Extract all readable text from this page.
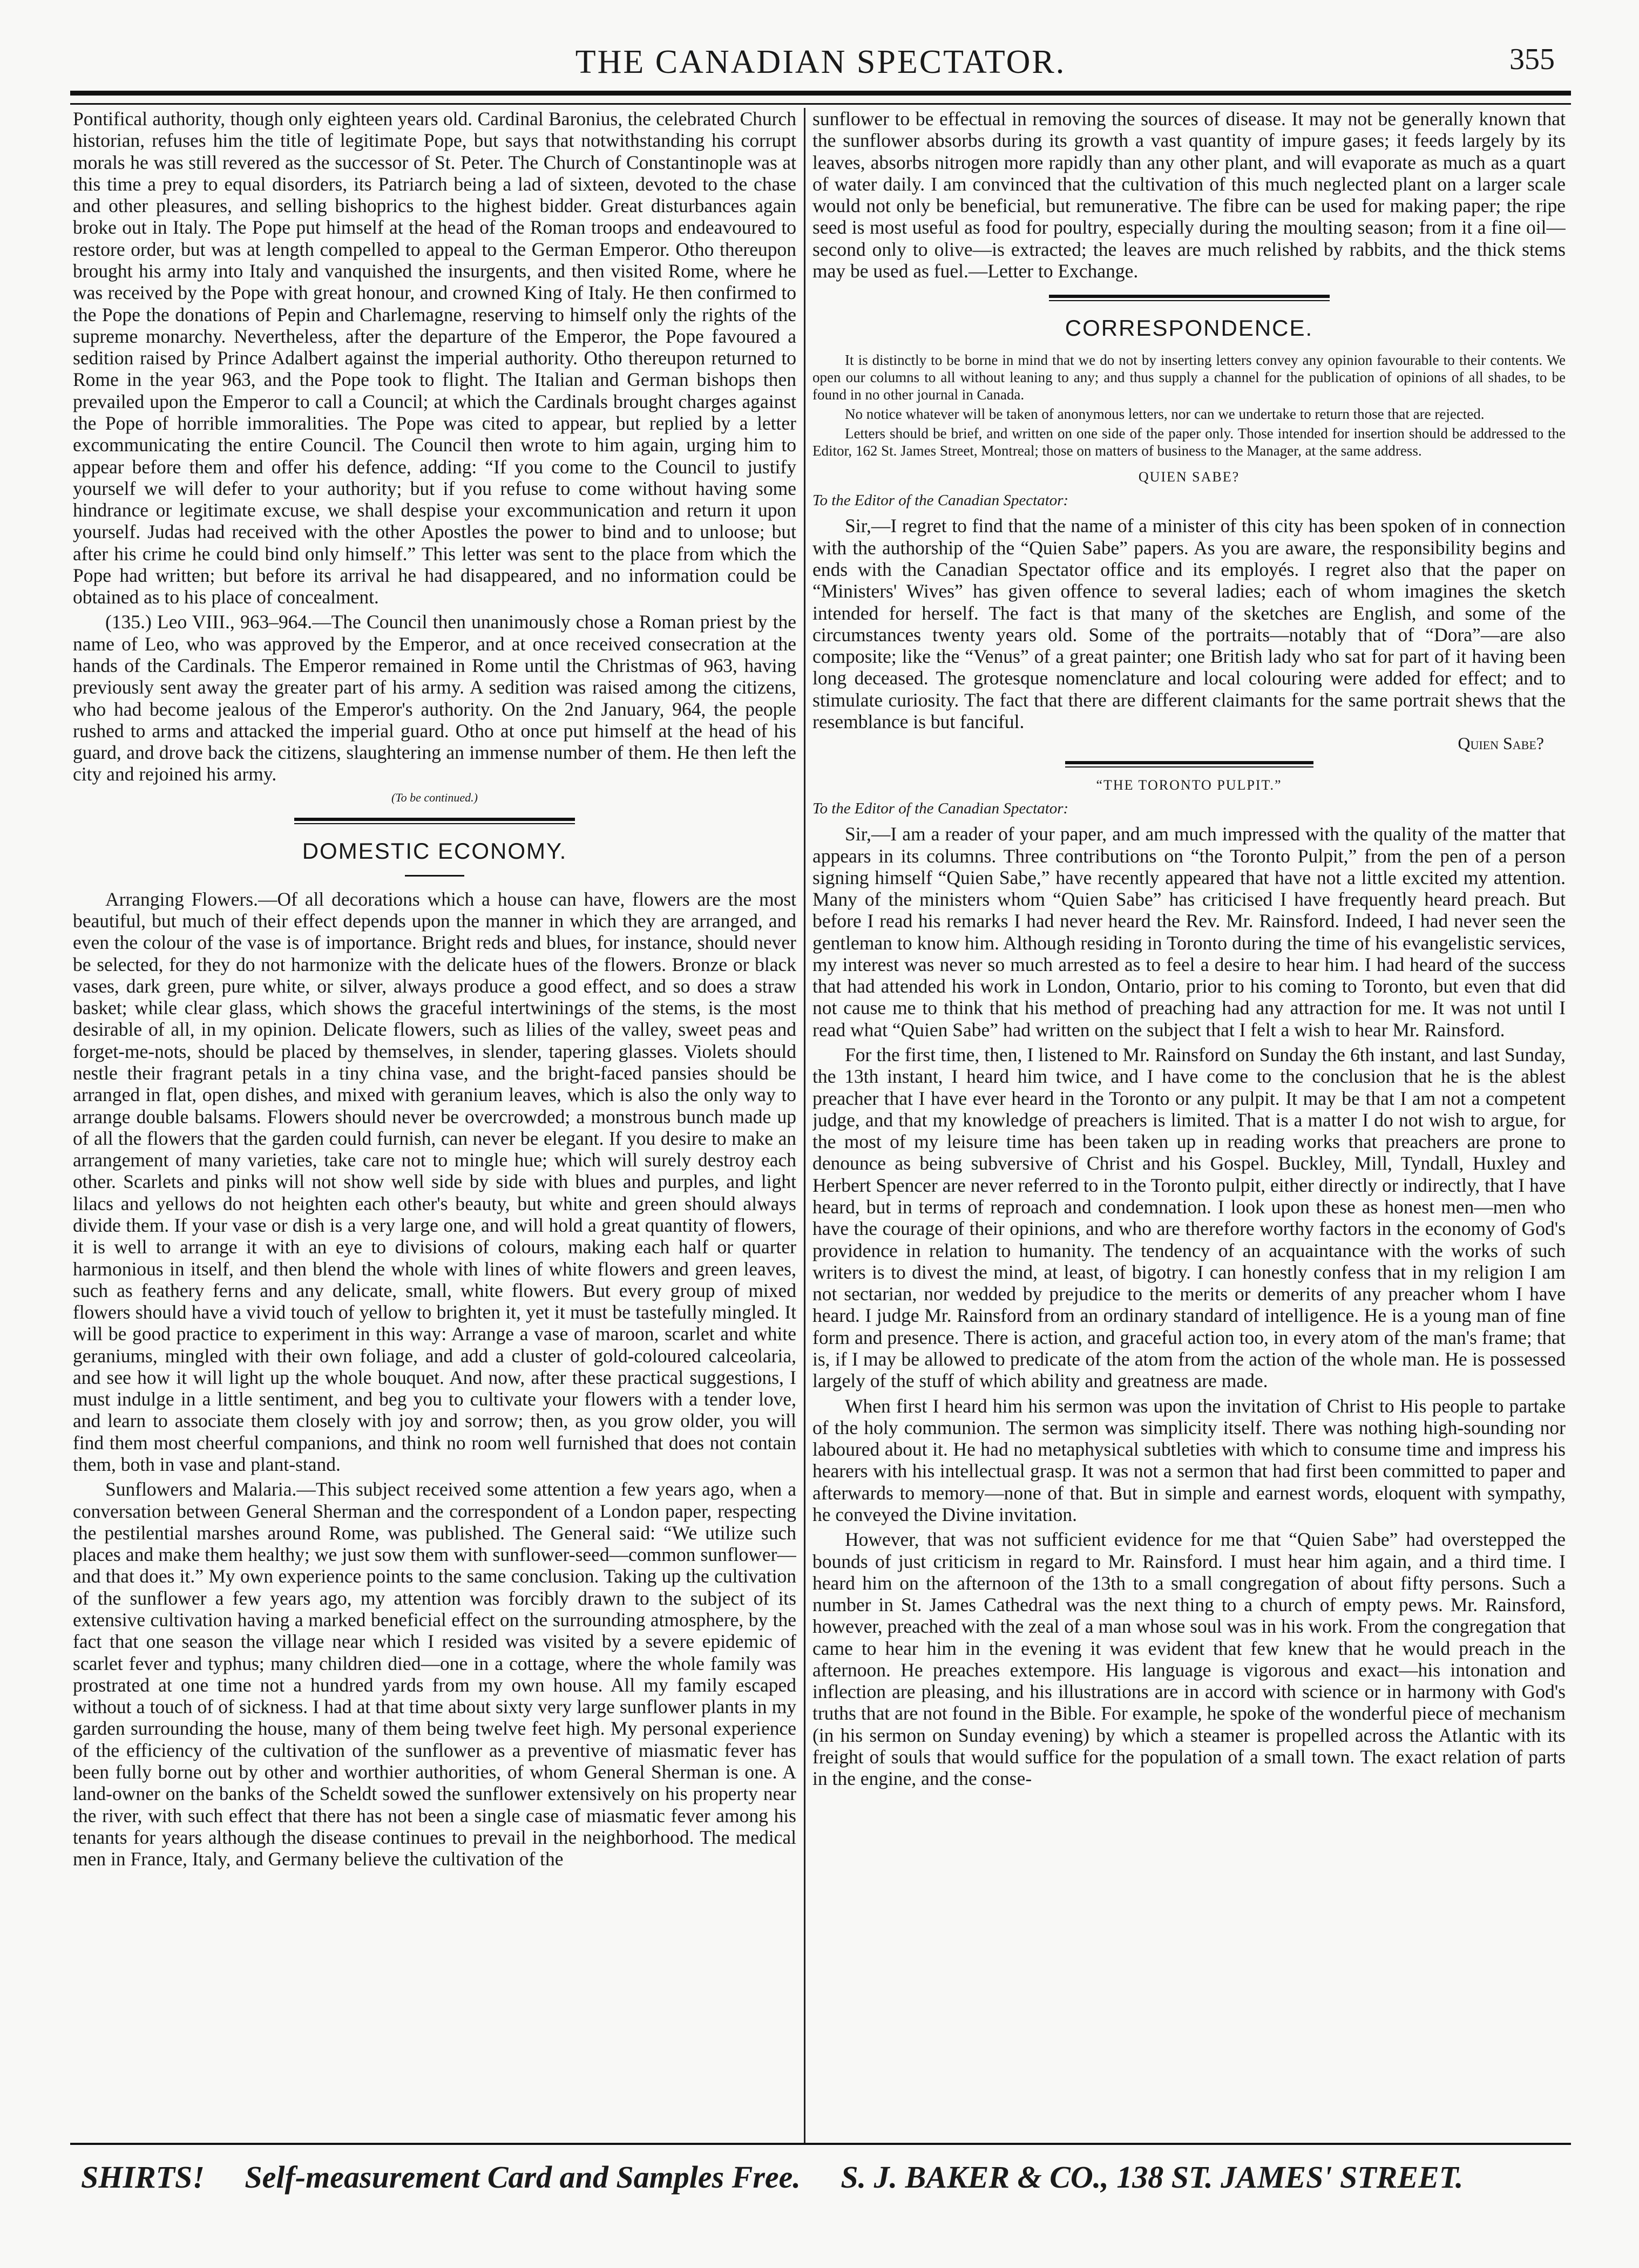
THE CANADIAN SPECTATOR.	355

Pontifical authority, though only eighteen years old. Cardinal Baronius, the celebrated Church historian, refuses him the title of legitimate Pope, but says that notwithstanding his corrupt morals he was still revered as the successor of St. Peter. The Church of Constantinople was at this time a prey to equal disorders, its Patriarch being a lad of sixteen, devoted to the chase and other pleasures, and selling bishoprics to the highest bidder. Great disturbances again broke out in Italy. The Pope put himself at the head of the Roman troops and endeavoured to restore order, but was at length compelled to appeal to the German Emperor. Otho thereupon brought his army into Italy and vanquished the insurgents, and then visited Rome, where he was received by the Pope with great honour, and crowned King of Italy. He then confirmed to the Pope the donations of Pepin and Charlemagne, reserving to himself only the rights of the supreme monarchy. Nevertheless, after the departure of the Emperor, the Pope favoured a sedition raised by Prince Adalbert against the imperial authority. Otho thereupon returned to Rome in the year 963, and the Pope took to flight. The Italian and German bishops then prevailed upon the Emperor to call a Council; at which the Cardinals brought charges against the Pope of horrible immoralities. The Pope was cited to appear, but replied by a letter excommunicating the entire Council. The Council then wrote to him again, urging him to appear before them and offer his defence, adding: “If you come to the Council to justify yourself we will defer to your authority; but if you refuse to come without having some hindrance or legitimate excuse, we shall despise your excommunication and return it upon yourself. Judas had received with the other Apostles the power to bind and to unloose; but after his crime he could bind only himself.” This letter was sent to the place from which the Pope had written; but before its arrival he had disappeared, and no information could be obtained as to his place of concealment.

(135.) Leo VIII., 963–964.—The Council then unanimously chose a Roman priest by the name of Leo, who was approved by the Emperor, and at once received consecration at the hands of the Cardinals. The Emperor remained in Rome until the Christmas of 963, having previously sent away the greater part of his army. A sedition was raised among the citizens, who had become jealous of the Emperor's authority. On the 2nd January, 964, the people rushed to arms and attacked the imperial guard. Otho at once put himself at the head of his guard, and drove back the citizens, slaughtering an immense number of them. He then left the city and rejoined his army.

(To be continued.)
DOMESTIC ECONOMY.

Arranging Flowers.—Of all decorations which a house can have, flowers are the most beautiful, but much of their effect depends upon the manner in which they are arranged, and even the colour of the vase is of importance. Bright reds and blues, for instance, should never be selected, for they do not harmonize with the delicate hues of the flowers. Bronze or black vases, dark green, pure white, or silver, always produce a good effect, and so does a straw basket; while clear glass, which shows the graceful intertwinings of the stems, is the most desirable of all, in my opinion. Delicate flowers, such as lilies of the valley, sweet peas and forget-me-nots, should be placed by themselves, in slender, tapering glasses. Violets should nestle their fragrant petals in a tiny china vase, and the bright-faced pansies should be arranged in flat, open dishes, and mixed with geranium leaves, which is also the only way to arrange double balsams. Flowers should never be overcrowded; a monstrous bunch made up of all the flowers that the garden could furnish, can never be elegant. If you desire to make an arrangement of many varieties, take care not to mingle hue; which will surely destroy each other. Scarlets and pinks will not show well side by side with blues and purples, and light lilacs and yellows do not heighten each other's beauty, but white and green should always divide them. If your vase or dish is a very large one, and will hold a great quantity of flowers, it is well to arrange it with an eye to divisions of colours, making each half or quarter harmonious in itself, and then blend the whole with lines of white flowers and green leaves, such as feathery ferns and any delicate, small, white flowers. But every group of mixed flowers should have a vivid touch of yellow to brighten it, yet it must be tastefully mingled. It will be good practice to experiment in this way: Arrange a vase of maroon, scarlet and white geraniums, mingled with their own foliage, and add a cluster of gold-coloured calceolaria, and see how it will light up the whole bouquet. And now, after these practical suggestions, I must indulge in a little sentiment, and beg you to cultivate your flowers with a tender love, and learn to associate them closely with joy and sorrow; then, as you grow older, you will find them most cheerful companions, and think no room well furnished that does not contain them, both in vase and plant-stand.

Sunflowers and Malaria.—This subject received some attention a few years ago, when a conversation between General Sherman and the correspondent of a London paper, respecting the pestilential marshes around Rome, was published. The General said: “We utilize such places and make them healthy; we just sow them with sunflower-seed—common sunflower—and that does it.” My own experience points to the same conclusion. Taking up the cultivation of the sunflower a few years ago, my attention was forcibly drawn to the subject of its extensive cultivation having a marked beneficial effect on the surrounding atmosphere, by the fact that one season the village near which I resided was visited by a severe epidemic of scarlet fever and typhus; many children died—one in a cottage, where the whole family was prostrated at one time not a hundred yards from my own house. All my family escaped without a touch of of sickness. I had at that time about sixty very large sunflower plants in my garden surrounding the house, many of them being twelve feet high. My personal experience of the efficiency of the cultivation of the sunflower as a preventive of miasmatic fever has been fully borne out by other and worthier authorities, of whom General Sherman is one. A land-owner on the banks of the Scheldt sowed the sunflower extensively on his property near the river, with such effect that there has not been a single case of miasmatic fever among his tenants for years although the disease continues to prevail in the neighborhood. The medical men in France, Italy, and Germany believe the cultivation of the

sunflower to be effectual in removing the sources of disease. It may not be generally known that the sunflower absorbs during its growth a vast quantity of impure gases; it feeds largely by its leaves, absorbs nitrogen more rapidly than any other plant, and will evaporate as much as a quart of water daily. I am convinced that the cultivation of this much neglected plant on a larger scale would not only be beneficial, but remunerative. The fibre can be used for making paper; the ripe seed is most useful as food for poultry, especially during the moulting season; from it a fine oil—second only to olive—is extracted; the leaves are much relished by rabbits, and the thick stems may be used as fuel.—Letter to Exchange.

CORRESPONDENCE.

It is distinctly to be borne in mind that we do not by inserting letters convey any opinion favourable to their contents. We open our columns to all without leaning to any; and thus supply a channel for the publication of opinions of all shades, to be found in no other journal in Canada.

No notice whatever will be taken of anonymous letters, nor can we undertake to return those that are rejected.

Letters should be brief, and written on one side of the paper only. Those intended for insertion should be addressed to the Editor, 162 St. James Street, Montreal; those on matters of business to the Manager, at the same address.

QUIEN SABE?
To the Editor of the Canadian Spectator:

Sir,—I regret to find that the name of a minister of this city has been spoken of in connection with the authorship of the “Quien Sabe” papers. As you are aware, the responsibility begins and ends with the Canadian Spectator office and its employés. I regret also that the paper on “Ministers' Wives” has given offence to several ladies; each of whom imagines the sketch intended for herself. The fact is that many of the sketches are English, and some of the circumstances twenty years old. Some of the portraits—notably that of “Dora”—are also composite; like the “Venus” of a great painter; one British lady who sat for part of it having been long deceased. The grotesque nomenclature and local colouring were added for effect; and to stimulate curiosity. The fact that there are different claimants for the same portrait shews that the resemblance is but fanciful.

Quien Sabe?
“THE TORONTO PULPIT.”
To the Editor of the Canadian Spectator:

Sir,—I am a reader of your paper, and am much impressed with the quality of the matter that appears in its columns. Three contributions on “the Toronto Pulpit,” from the pen of a person signing himself “Quien Sabe,” have recently appeared that have not a little excited my attention. Many of the ministers whom “Quien Sabe” has criticised I have frequently heard preach. But before I read his remarks I had never heard the Rev. Mr. Rainsford. Indeed, I had never seen the gentleman to know him. Although residing in Toronto during the time of his evangelistic services, my interest was never so much arrested as to feel a desire to hear him. I had heard of the success that had attended his work in London, Ontario, prior to his coming to Toronto, but even that did not cause me to think that his method of preaching had any attraction for me. It was not until I read what “Quien Sabe” had written on the subject that I felt a wish to hear Mr. Rainsford.

For the first time, then, I listened to Mr. Rainsford on Sunday the 6th instant, and last Sunday, the 13th instant, I heard him twice, and I have come to the conclusion that he is the ablest preacher that I have ever heard in the Toronto or any pulpit. It may be that I am not a competent judge, and that my knowledge of preachers is limited. That is a matter I do not wish to argue, for the most of my leisure time has been taken up in reading works that preachers are prone to denounce as being subversive of Christ and his Gospel. Buckley, Mill, Tyndall, Huxley and Herbert Spencer are never referred to in the Toronto pulpit, either directly or indirectly, that I have heard, but in terms of reproach and condemnation. I look upon these as honest men—men who have the courage of their opinions, and who are therefore worthy factors in the economy of God's providence in relation to humanity. The tendency of an acquaintance with the works of such writers is to divest the mind, at least, of bigotry. I can honestly confess that in my religion I am not sectarian, nor wedded by prejudice to the merits or demerits of any preacher whom I have heard. I judge Mr. Rainsford from an ordinary standard of intelligence. He is a young man of fine form and presence. There is action, and graceful action too, in every atom of the man's frame; that is, if I may be allowed to predicate of the atom from the action of the whole man. He is possessed largely of the stuff of which ability and greatness are made.

When first I heard him his sermon was upon the invitation of Christ to His people to partake of the holy communion. The sermon was simplicity itself. There was nothing high-sounding nor laboured about it. He had no metaphysical subtleties with which to consume time and impress his hearers with his intellectual grasp. It was not a sermon that had first been committed to paper and afterwards to memory—none of that. But in simple and earnest words, eloquent with sympathy, he conveyed the Divine invitation.

However, that was not sufficient evidence for me that “Quien Sabe” had overstepped the bounds of just criticism in regard to Mr. Rainsford. I must hear him again, and a third time. I heard him on the afternoon of the 13th to a small congregation of about fifty persons. Such a number in St. James Cathedral was the next thing to a church of empty pews. Mr. Rainsford, however, preached with the zeal of a man whose soul was in his work. From the congregation that came to hear him in the evening it was evident that few knew that he would preach in the afternoon. He preaches extempore. His language is vigorous and exact—his intonation and inflection are pleasing, and his illustrations are in accord with science or in harmony with God's truths that are not found in the Bible. For example, he spoke of the wonderful piece of mechanism (in his sermon on Sunday evening) by which a steamer is propelled across the Atlantic with its freight of souls that would suffice for the population of a small town. The exact relation of parts in the engine, and the conse-

SHIRTS! Self-measurement Card and Samples Free. S. J. BAKER & CO., 138 ST. JAMES' STREET.
